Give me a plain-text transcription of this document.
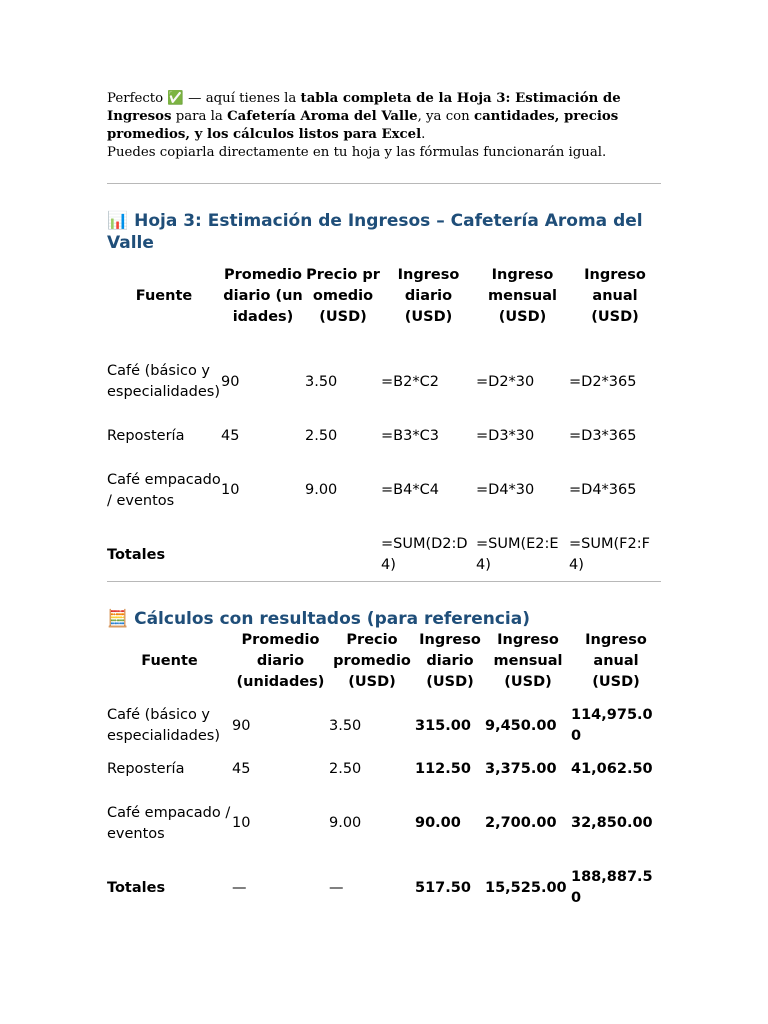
Perfecto ✅ — aquí tienes la tabla completa de la Hoja 3: Estimación de Ingresos para la Cafetería Aroma del Valle, ya con cantidades, precios promedios, y los cálculos listos para Excel.

Puedes copiarla directamente en tu hoja y las fórmulas funcionarán igual.

📊 Hoja 3: Estimación de Ingresos – Cafetería Aroma del Valle
Fuente	Promedio diario (unidades)	Precio promedio (USD)	Ingreso diario (USD)	Ingreso mensual (USD)	Ingreso anual (USD)
Café (básico y especialidades)	90	3.50	=B2*C2	=D2*30	=D2*365
Repostería	45	2.50	=B3*C3	=D3*30	=D3*365
Café empacado / eventos	10	9.00	=B4*C4	=D4*30	=D4*365
Totales			=SUM(D2:D4)	=SUM(E2:E4)	=SUM(F2:F4)
🧮 Cálculos con resultados (para referencia)
Fuente	Promedio diario (unidades)	Precio promedio (USD)	Ingreso diario (USD)	Ingreso mensual (USD)	Ingreso anual (USD)
Café (básico y especialidades)	90	3.50	315.00	9,450.00	114,975.00
Repostería	45	2.50	112.50	3,375.00	41,062.50
Café empacado / eventos	10	9.00	90.00	2,700.00	32,850.00
Totales	—	—	517.50	15,525.00	188,887.50
